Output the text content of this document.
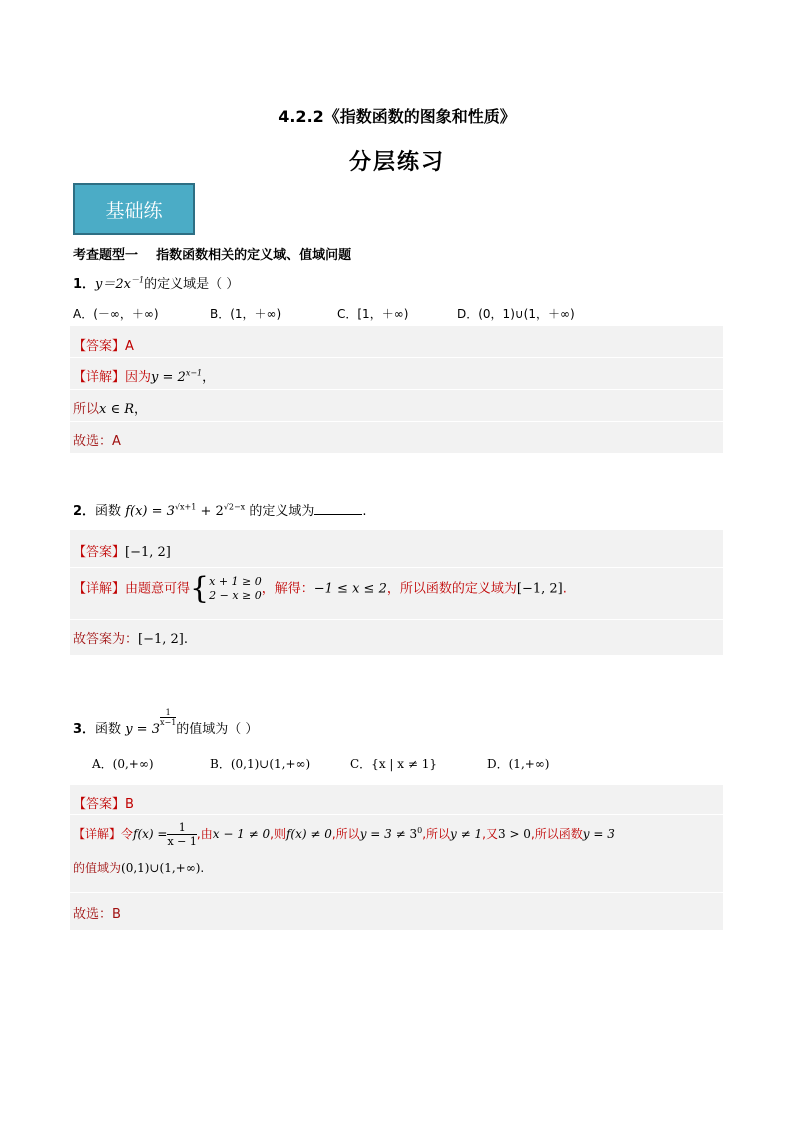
4.2.2《指数函数的图象和性质》
分层练习
基础练
考查题型一    指数函数相关的定义域、值域问题
1．$y=2x^{-1}$的定义域是（ ）
A．(－∞，＋∞)	B．(1，＋∞)	C．[1，＋∞)	D．(0，1)∪(1，＋∞)
【答案】A
【详解】因为$y = 2^{x-1}$，
所以x ∈ R，
故选：A
2．函数 $f(x) = 3^{√x+1} + 2^{√2-x}$ 的定义域为	.
【答案】[−1, 2]
【详解】由题意可得{x + 1 ≥ 0
2 − x ≥ 0，解得：−1 ≤ x ≤ 2，所以函数的定义域为[−1, 2].
故答案为：[−1, 2].
3．函数 y = 3
$\frac{1}{x-1}$
的值域为（ ）
A．(0,+∞)	B．(0,1)∪(1,+∞)	C．{x | x ≠ 1}	D．(1,+∞)
【答案】B
【详解】令$f(x) = \frac{1}{x - 1}$ ,由x − 1 ≠ 0,则f(x) ≠ 0,所以$y = 3 \ne 3^0$,所以y ≠ 1,又3 > 0,所以函数y = 3
的值域为(0,1)∪(1,+∞).
故选：B
